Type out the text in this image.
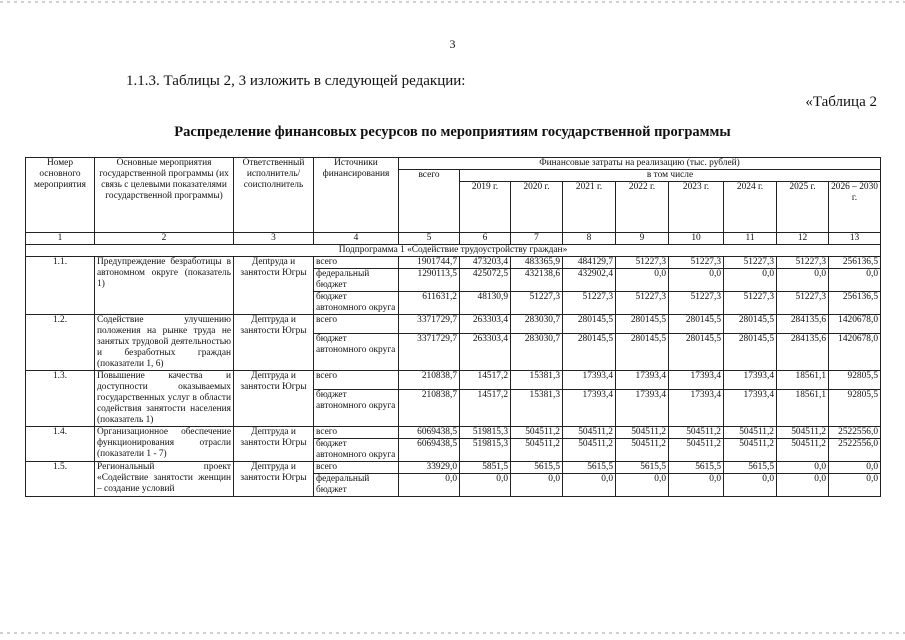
3
1.1.3. Таблицы 2, 3 изложить в следующей редакции:
«Таблица 2
Распределение финансовых ресурсов по мероприятиям государственной программы
Номер основного мероприятия	Основные мероприятия государственной программы (их связь с целевыми показателями государственной программы)	Ответственный исполнитель/ соисполнитель	Источники финансирования	Финансовые затраты на реализацию (тыс. рублей)								
				всего	в том числе							
					2019 г.	2020 г.	2021 г.	2022 г.	2023 г.	2024 г.	2025 г.	2026 – 2030 г.
1	2	3	4	5	6	7	8	9	10	11	12	13
Подпрограмма 1 «Содействие трудоустройству граждан»												
1.1.	Предупреждение безработицы в автономном округе (показатель 1)	Депtруда и занятости Югры	всего	1901744,7	473203,4	483365,9	484129,7	51227,3	51227,3	51227,3	51227,3	256136,5
			федеральный бюджет	1290113,5	425072,5	432138,6	432902,4	0,0	0,0	0,0	0,0	0,0
			бюджет автономного округа	611631,2	48130,9	51227,3	51227,3	51227,3	51227,3	51227,3	51227,3	256136,5
1.2.	Содействие улучшению положения на рынке труда не занятых трудовой деятельностью и безработных граждан (показатели 1, 6)	Дептруда и занятости Югры	всего	3371729,7	263303,4	283030,7	280145,5	280145,5	280145,5	280145,5	284135,6	1420678,0
			бюджет автономного округа	3371729,7	263303,4	283030,7	280145,5	280145,5	280145,5	280145,5	284135,6	1420678,0
1.3.	Повышение качества и доступности оказываемых государственных услуг в области содействия занятости населения (показатель 1)	Дептруда и занятости Югры	всего	210838,7	14517,2	15381,3	17393,4	17393,4	17393,4	17393,4	18561,1	92805,5
			бюджет автономного округа	210838,7	14517,2	15381,3	17393,4	17393,4	17393,4	17393,4	18561,1	92805,5
1.4.	Организационное обеспечение функционирования отрасли (показатели 1 - 7)	Дептруда и занятости Югры	всего	6069438,5	519815,3	504511,2	504511,2	504511,2	504511,2	504511,2	504511,2	2522556,0
			бюджет автономного округа	6069438,5	519815,3	504511,2	504511,2	504511,2	504511,2	504511,2	504511,2	2522556,0
1.5.	Региональный проект «Содействие занятости женщин – создание условий	Дептруда и занятости Югры	всего	33929,0	5851,5	5615,5	5615,5	5615,5	5615,5	5615,5	0,0	0,0
			федеральный бюджет	0,0	0,0	0,0	0,0	0,0	0,0	0,0	0,0	0,0
